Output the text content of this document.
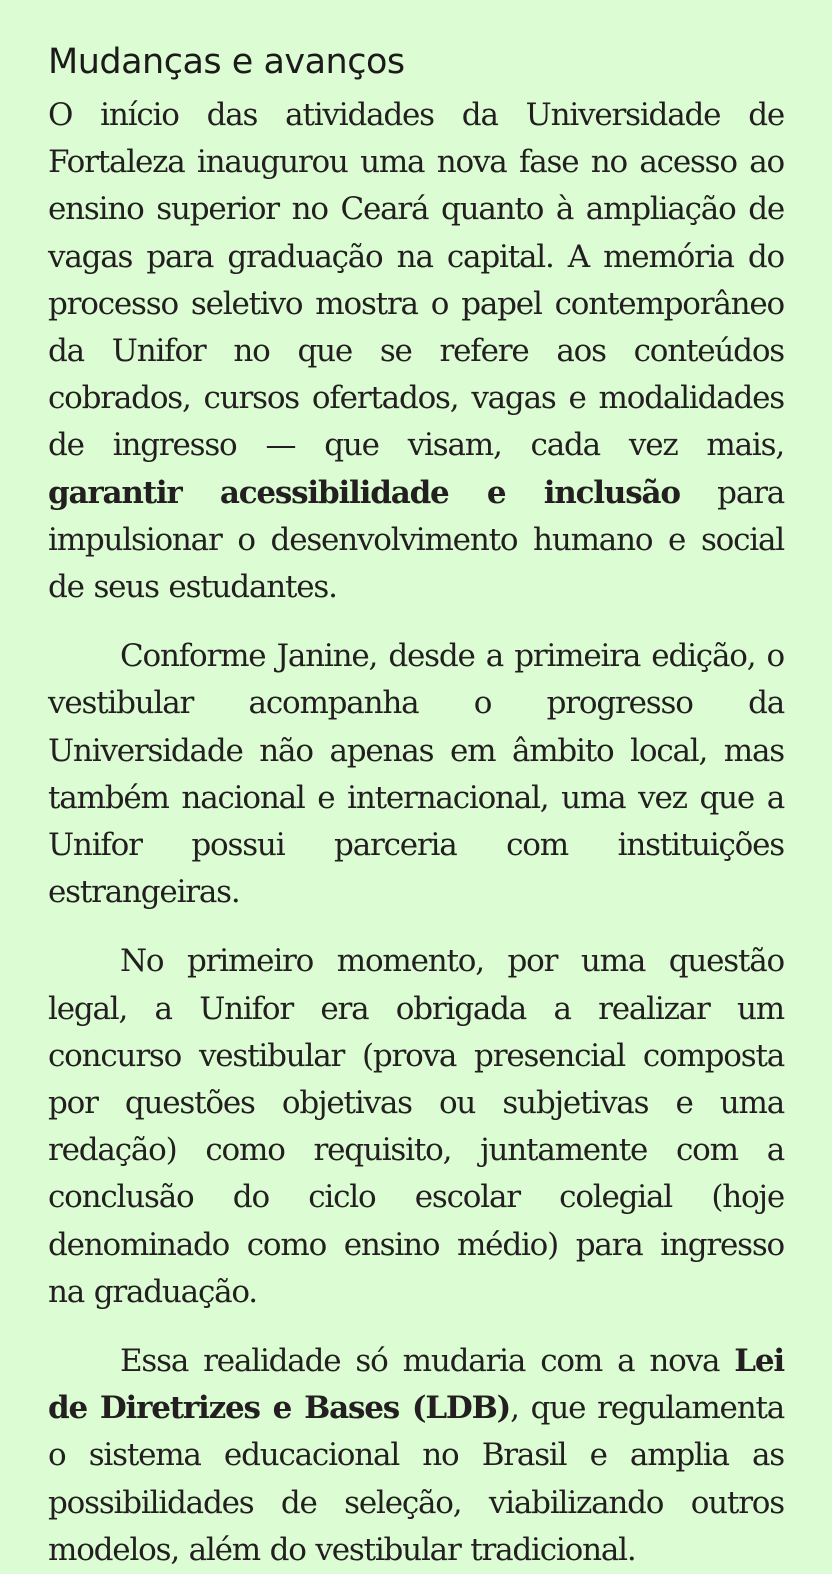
Mudanças e avanços

O início das atividades da Universidade de Fortaleza inaugurou uma nova fase no acesso ao ensino superior no Ceará quanto à ampliação de vagas para graduação na capital. A memória do processo seletivo mostra o papel contemporâneo da Unifor no que se refere aos conteúdos cobrados, cursos ofertados, vagas e modalidades de ingresso — que visam, cada vez mais, garantir acessibilidade e inclusão para impulsionar o desenvolvimento humano e social de seus estudantes.

Conforme Janine, desde a primeira edição, o vestibular acompanha o progresso da Universidade não apenas em âmbito local, mas também nacional e internacional, uma vez que a Unifor possui parceria com instituições estrangeiras.

No primeiro momento, por uma questão legal, a Unifor era obrigada a realizar um concurso vestibular (prova presencial composta por questões objetivas ou subjetivas e uma redação) como requisito, juntamente com a conclusão do ciclo escolar colegial (hoje denominado como ensino médio) para ingresso na graduação.

Essa realidade só mudaria com a nova Lei de Diretrizes e Bases (LDB), que regulamenta o sistema educacional no Brasil e amplia as possibilidades de seleção, viabilizando outros modelos, além do vestibular tradicional.
